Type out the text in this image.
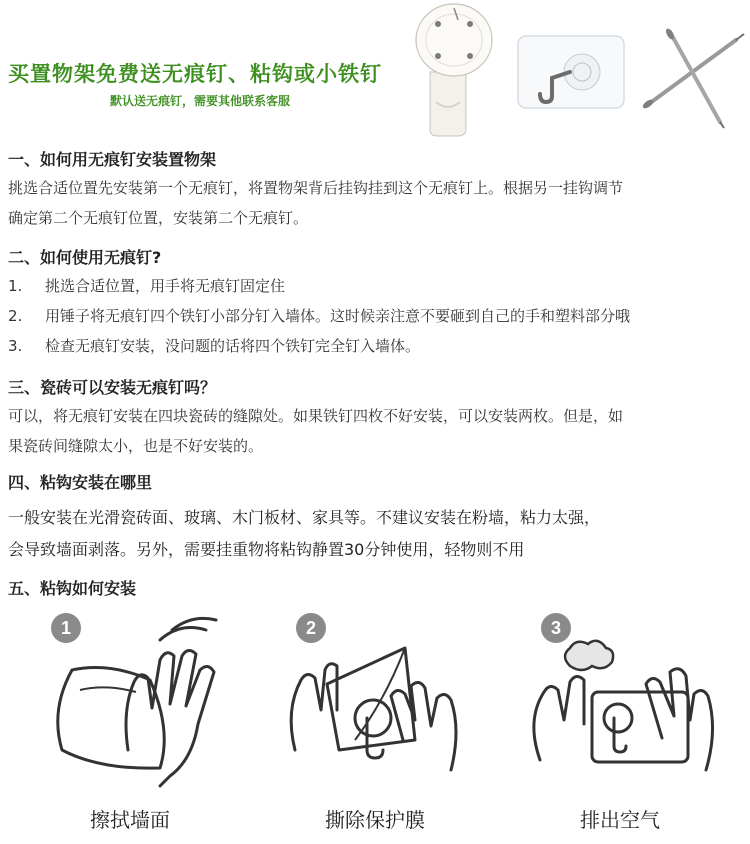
买置物架免费送无痕钉、粘钩或小铁钉
默认送无痕钉，需要其他联系客服
一、如何用无痕钉安装置物架
挑选合适位置先安装第一个无痕钉，将置物架背后挂钩挂到这个无痕钉上。根据另一挂钩调节
确定第二个无痕钉位置，安装第二个无痕钉。
二、如何使用无痕钉?
1. 挑选合适位置，用手将无痕钉固定住
2. 用锤子将无痕钉四个铁钉小部分钉入墙体。这时候亲注意不要砸到自己的手和塑料部分哦
3. 检查无痕钉安装，没问题的话将四个铁钉完全钉入墙体。
三、瓷砖可以安装无痕钉吗？
可以，将无痕钉安装在四块瓷砖的缝隙处。如果铁钉四枚不好安装，可以安装两枚。但是，如
果瓷砖间缝隙太小，也是不好安装的。
四、粘钩安装在哪里
一般安装在光滑瓷砖面、玻璃、木门板材、家具等。不建议安装在粉墙，粘力太强，
会导致墙面剥落。另外，需要挂重物将粘钩静置30分钟使用，轻物则不用
五、粘钩如何安装
1
擦拭墙面
2
撕除保护膜
3
排出空气
